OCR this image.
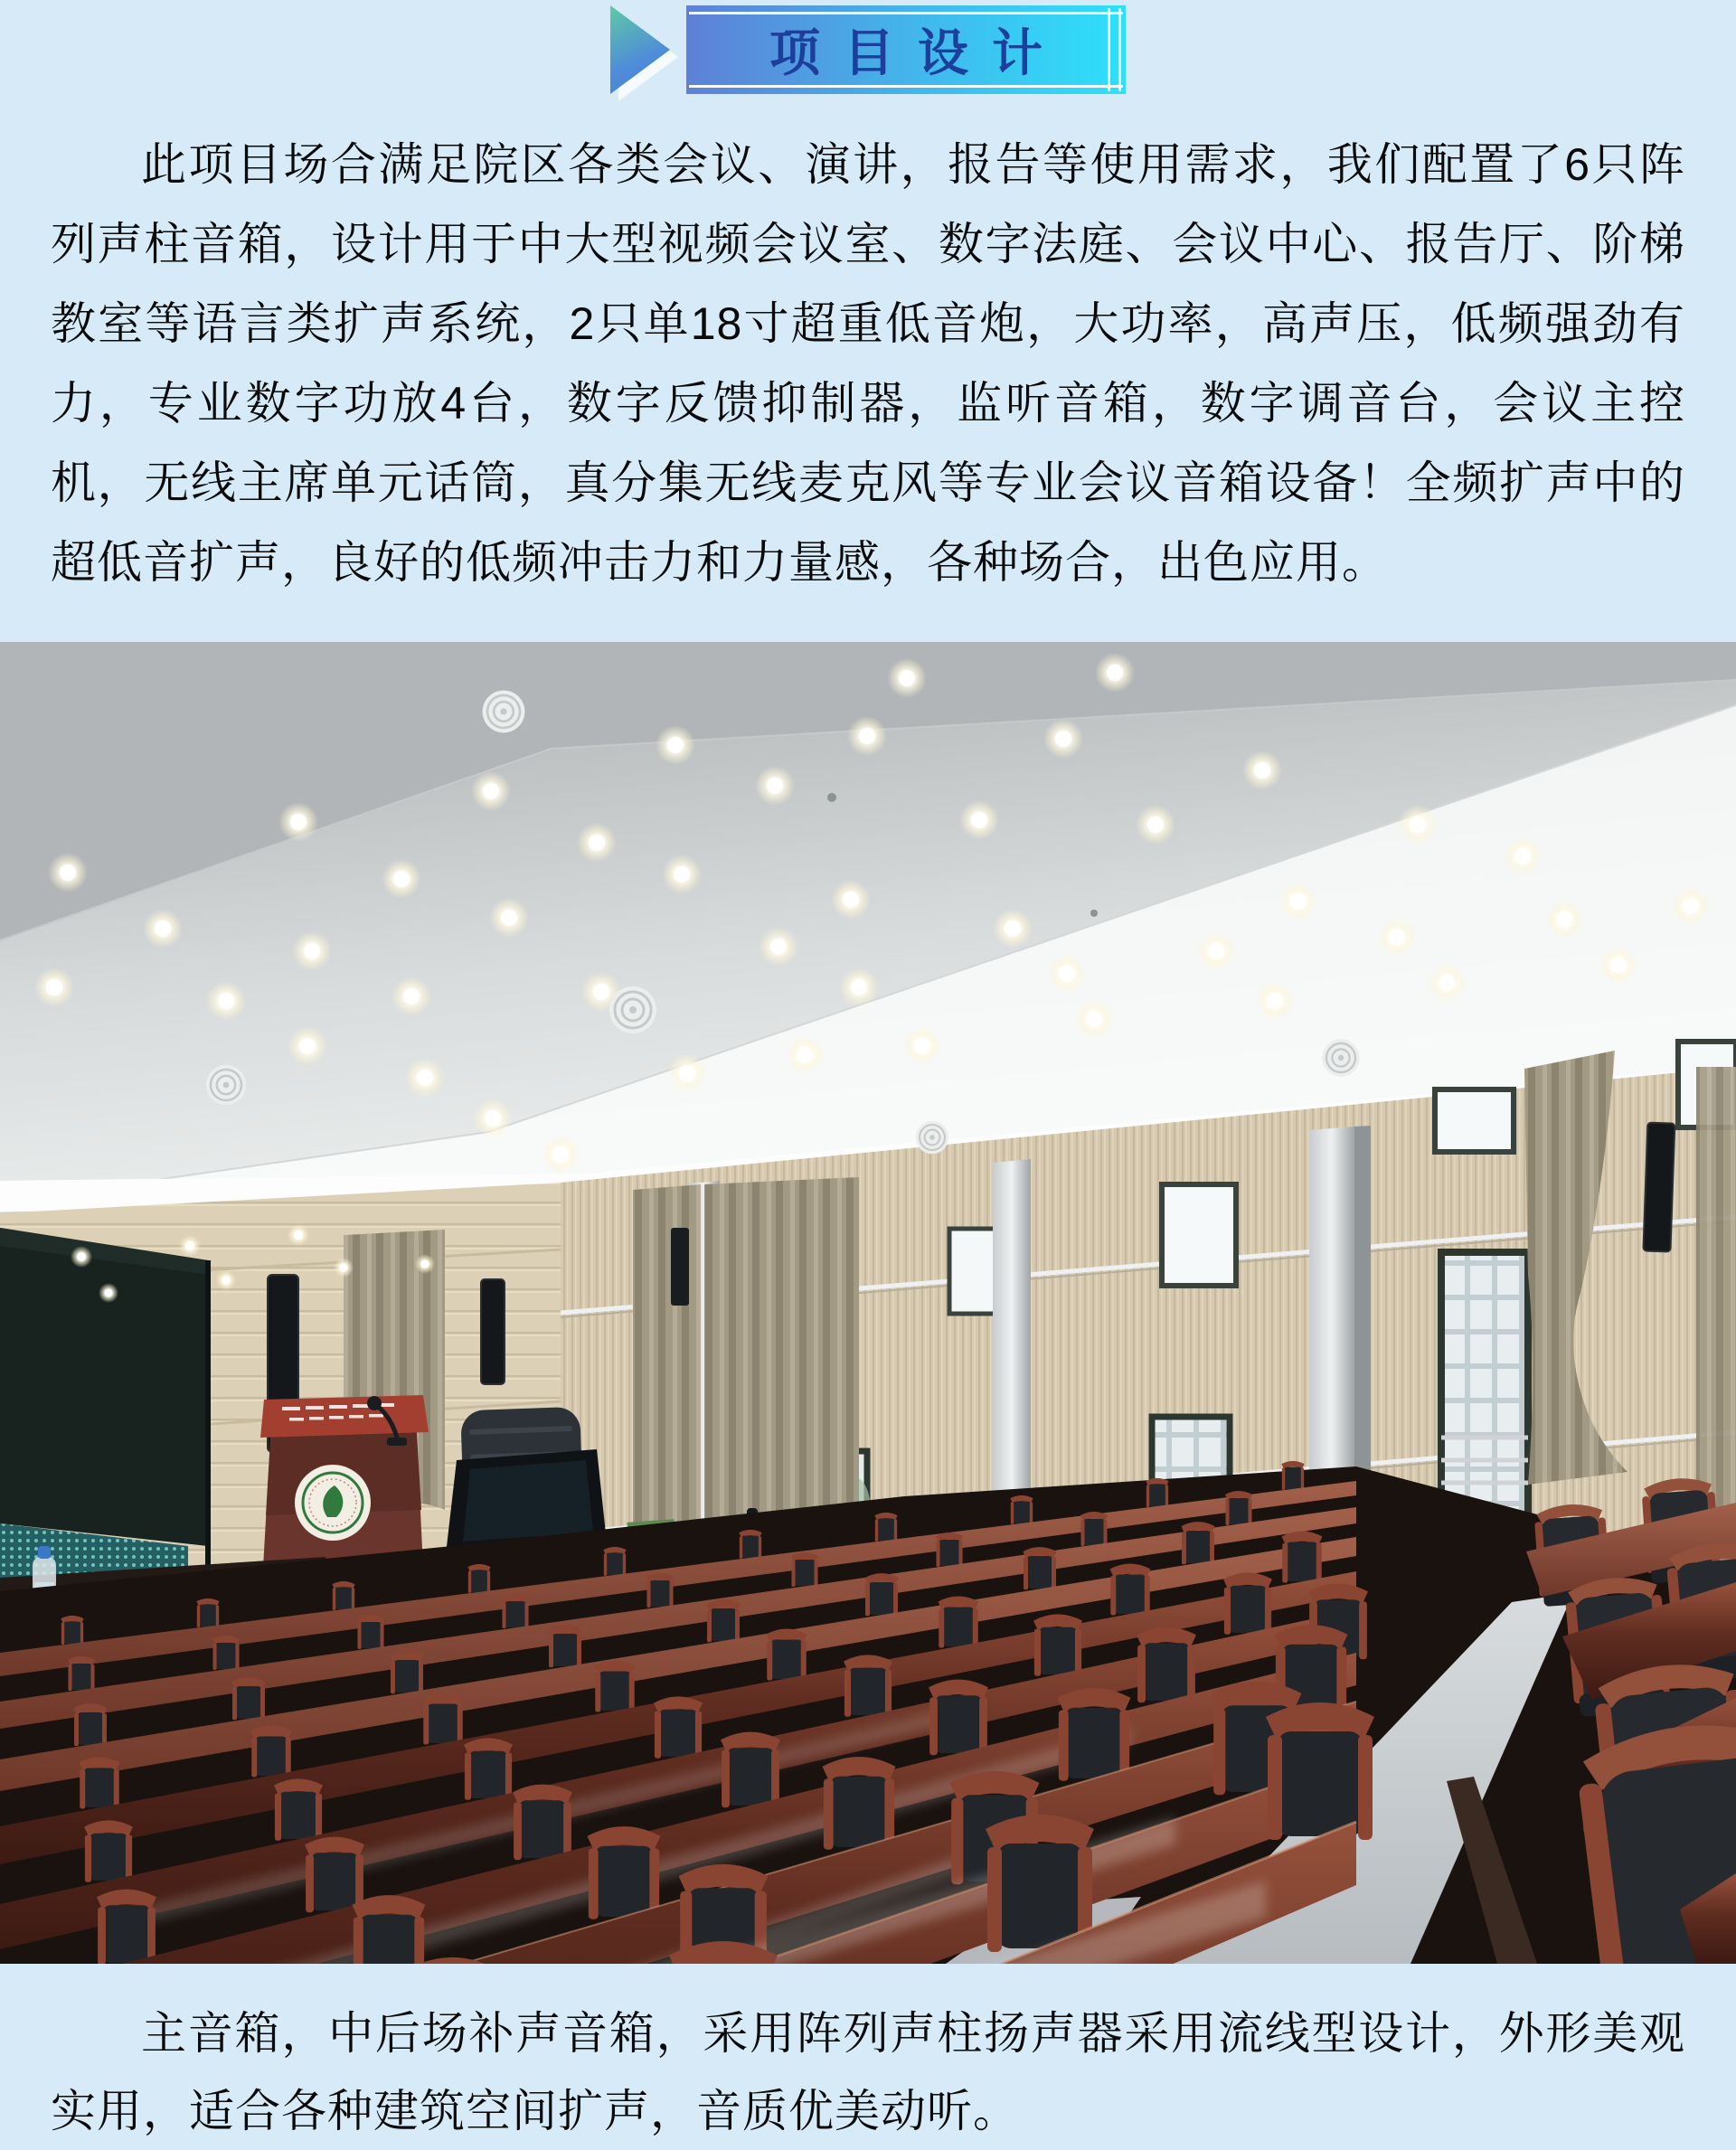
项目设计

此项目场合满足院区各类会议、演讲，报告等使用需求，我们配置了6只阵列声柱音箱，设计用于中大型视频会议室、数字法庭、会议中心、报告厅、阶梯教室等语言类扩声系统，2只单18寸超重低音炮，大功率，高声压，低频强劲有力，专业数字功放4台，数字反馈抑制器，监听音箱，数字调音台，会议主控机，无线主席单元话筒，真分集无线麦克风等专业会议音箱设备！全频扩声中的超低音扩声，良好的低频冲击力和力量感，各种场合，出色应用。

主音箱，中后场补声音箱，采用阵列声柱扬声器采用流线型设计，外形美观实用，适合各种建筑空间扩声，音质优美动听。
